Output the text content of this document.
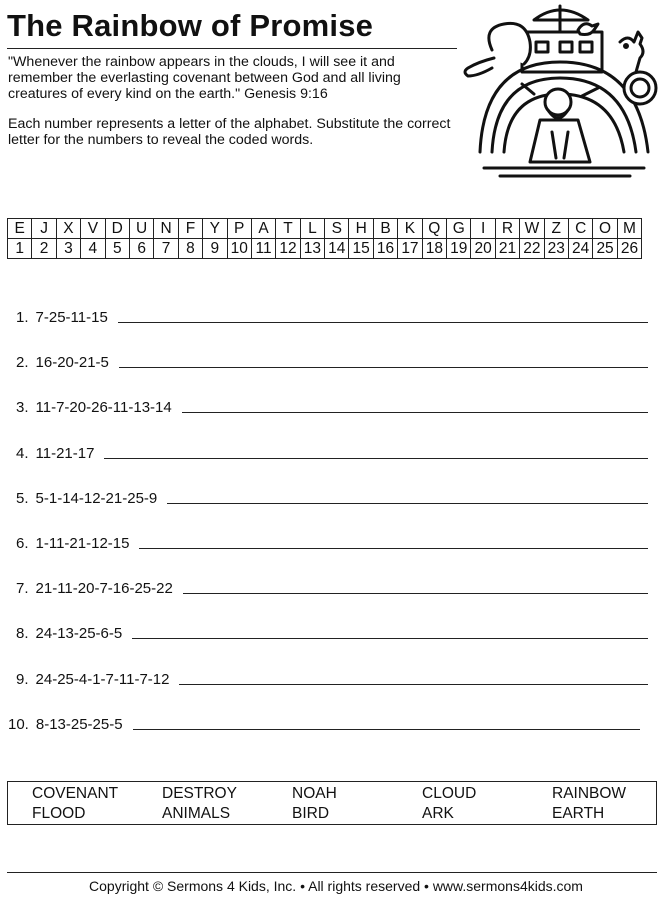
The Rainbow of Promise
"Whenever the rainbow appears in the clouds, I will see it and remember the everlasting covenant between God and all living creatures of every kind on the earth." Genesis 9:16
Each number represents a letter of the alphabet. Substitute the correct letter for the numbers to reveal the coded words.
E	J	X	V	D	U	N	F	Y	P	A	T	L	S	H	B	K	Q	G	I	R	W	Z	C	O	M
1	2	3	4	5	6	7	8	9	10	11	12	13	14	15	16	17	18	19	20	21	22	23	24	25	26
1. 7-25-11-15
2. 16-20-21-5
3. 11-7-20-26-11-13-14
4. 11-21-17
5. 5-1-14-12-21-25-9
6. 1-11-21-12-15
7. 21-11-20-7-16-25-22
8. 24-13-25-6-5
9. 24-25-4-1-7-11-7-12
10. 8-13-25-25-5
COVENANT	DESTROY	NOAH	CLOUD	RAINBOW
FLOOD	ANIMALS	BIRD	ARK	EARTH
Copyright © Sermons 4 Kids, Inc. • All rights reserved • www.sermons4kids.com
